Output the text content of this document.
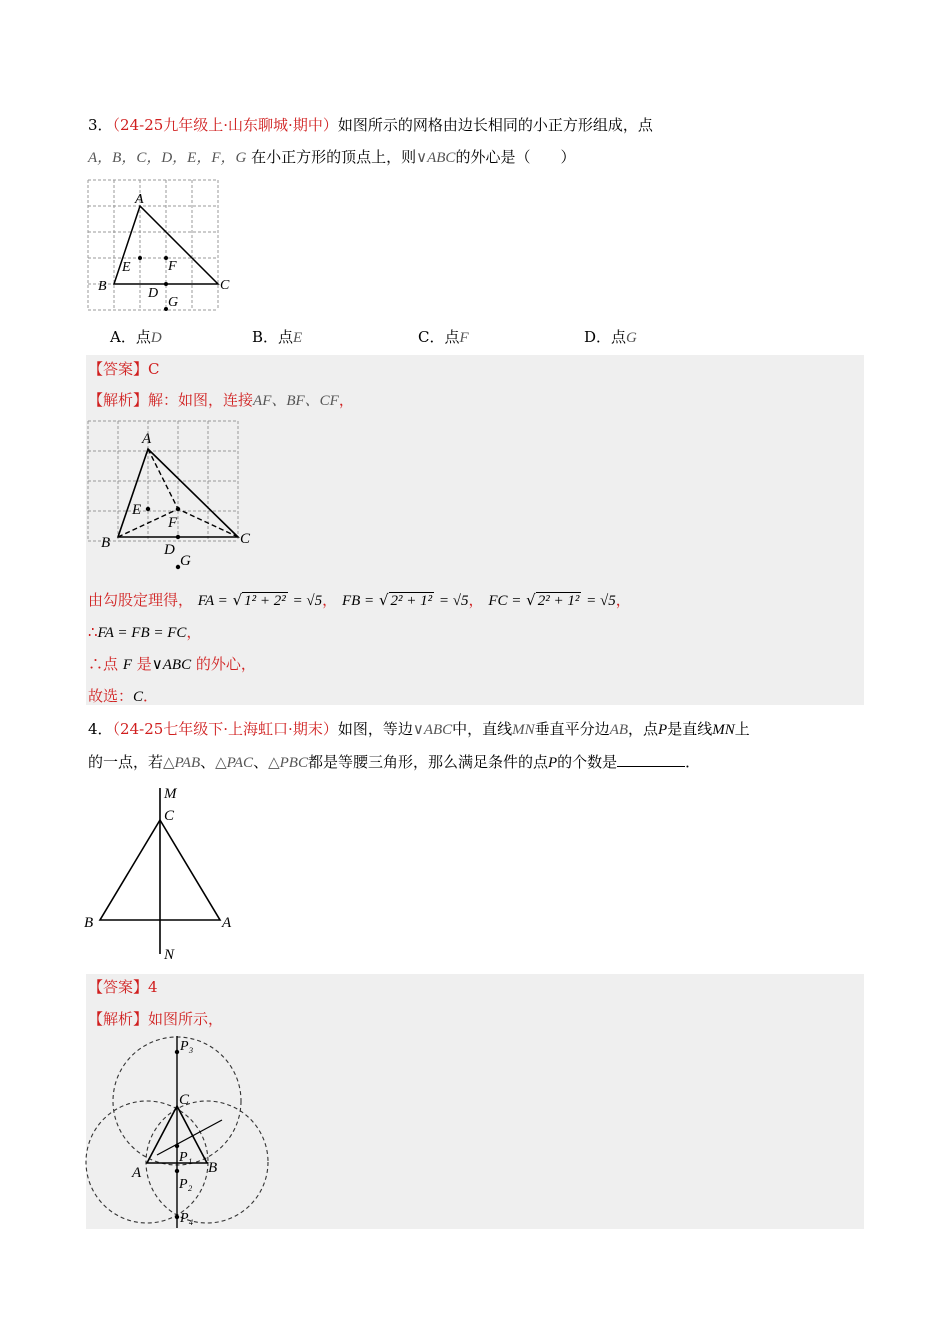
3．（24-25九年级上·山东聊城·期中）如图所示的网格由边长相同的小正方形组成，点
A，B，C，D，E，F，G 在小正方形的顶点上，则∨ABC的外心是（　　）
A
B	C
D
E	F
G
A．点D	B．点E	C．点F	D．点G
【答案】C
【解析】解：如图，连接AF、BF、CF，
A
B	C
D
E
F
G
由勾股定理得， FA = √ 1² + 2² = √5， FB = √ 2² + 1² = √5， FC = √ 2² + 1² = √5，
∴FA = FB = FC，
∴点 F 是∨ABC 的外心，
故选：C．
4．（24-25七年级下·上海虹口·期末）如图，等边∨ABC中，直线MN垂直平分边AB，点P是直线MN上
的一点，若△PAB、△PAC、△PBC都是等腰三角形，那么满足条件的点P的个数是	．
M
C
B	A
N
【答案】4
【解析】如图所示，
P₃
C
A	B
P₁
P₂
P₄
